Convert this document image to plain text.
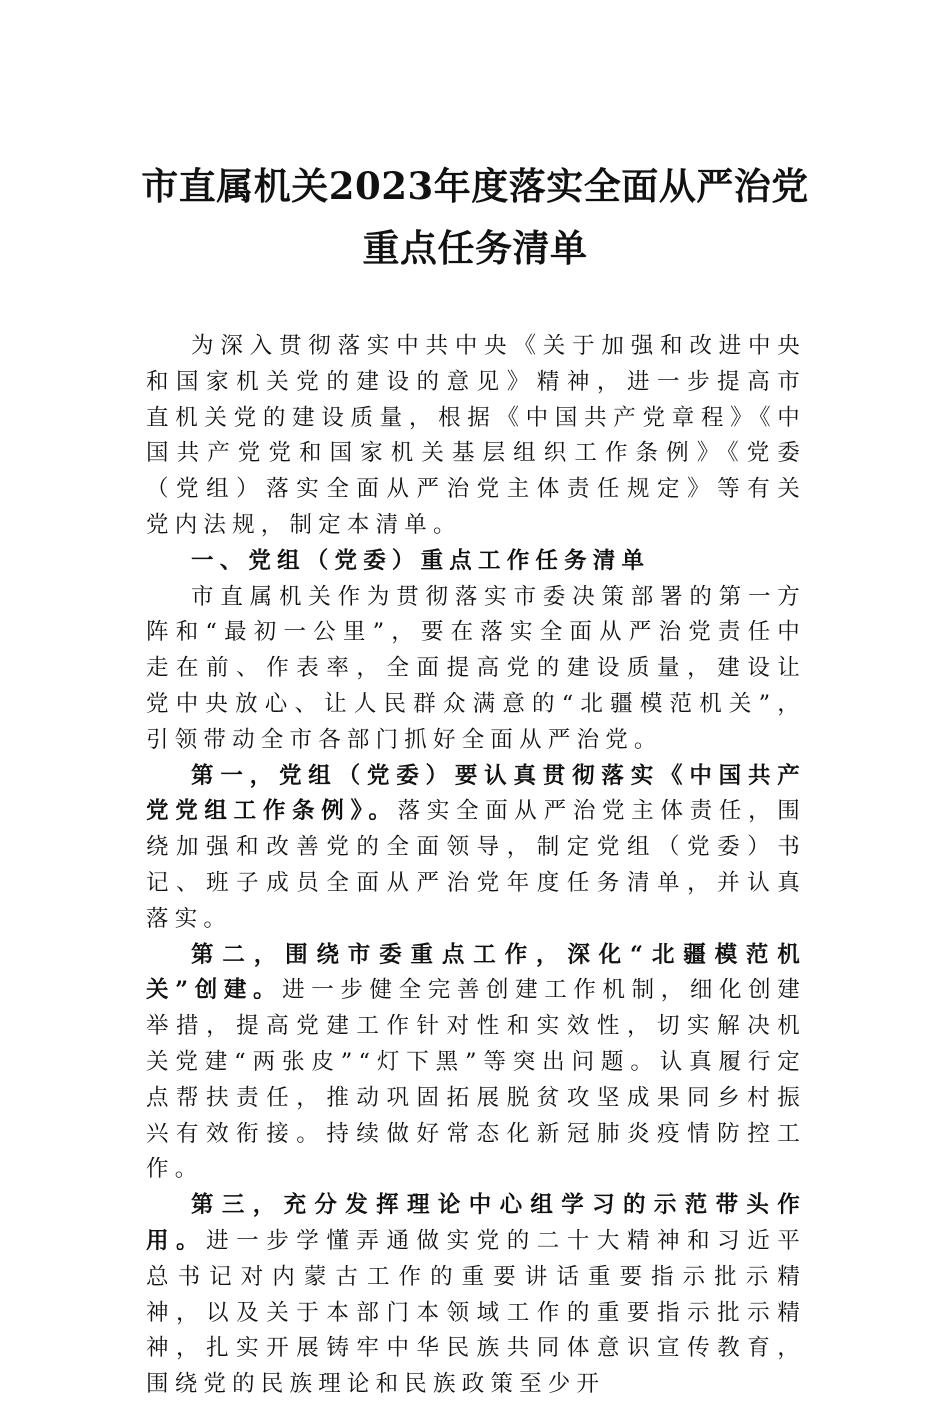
市直属机关2023年度落实全面从严治党重点任务清单

为深入贯彻落实中共中央《关于加强和改进中央和国家机关党的建设的意见》精神，进一步提高市直机关党的建设质量，根据《中国共产党章程》《中国共产党党和国家机关基层组织工作条例》《党委（党组）落实全面从严治党主体责任规定》等有关党内法规，制定本清单。

一、党组（党委）重点工作任务清单

市直属机关作为贯彻落实市委决策部署的第一方阵和“最初一公里”，要在落实全面从严治党责任中走在前、作表率，全面提高党的建设质量，建设让党中央放心、让人民群众满意的“北疆模范机关”，引领带动全市各部门抓好全面从严治党。

第一，党组（党委）要认真贯彻落实《中国共产党党组工作条例》。落实全面从严治党主体责任，围绕加强和改善党的全面领导，制定党组（党委）书记、班子成员全面从严治党年度任务清单，并认真落实。

第二，围绕市委重点工作，深化“北疆模范机关”创建。进一步健全完善创建工作机制，细化创建举措，提高党建工作针对性和实效性，切实解决机关党建“两张皮”“灯下黑”等突出问题。认真履行定点帮扶责任，推动巩固拓展脱贫攻坚成果同乡村振兴有效衔接。持续做好常态化新冠肺炎疫情防控工作。

第三，充分发挥理论中心组学习的示范带头作用。进一步学懂弄通做实党的二十大精神和习近平总书记对内蒙古工作的重要讲话重要指示批示精神，以及关于本部门本领域工作的重要指示批示精神，扎实开展铸牢中华民族共同体意识宣传教育，围绕党的民族理论和民族政策至少开
